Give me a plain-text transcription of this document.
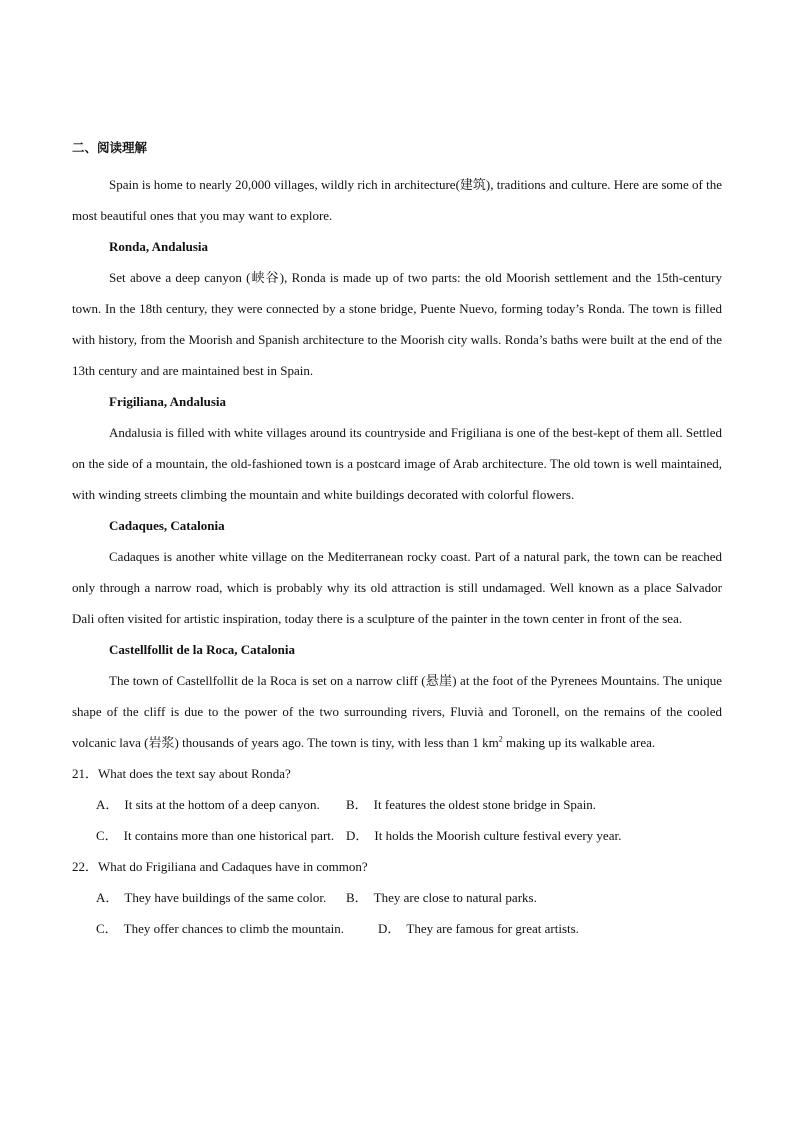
二、阅读理解

Spain is home to nearly 20,000 villages, wildly rich in architecture(建筑), traditions and culture. Here are some of the most beautiful ones that you may want to explore.

Ronda, Andalusia

Set above a deep canyon (峡谷), Ronda is made up of two parts: the old Moorish settlement and the 15th-century town. In the 18th century, they were connected by a stone bridge, Puente Nuevo, forming today’s Ronda. The town is filled with history, from the Moorish and Spanish architecture to the Moorish city walls. Ronda’s baths were built at the end of the 13th century and are maintained best in Spain.

Frigiliana, Andalusia

Andalusia is filled with white villages around its countryside and Frigiliana is one of the best-kept of them all. Settled on the side of a mountain, the old-fashioned town is a postcard image of Arab architecture. The old town is well maintained, with winding streets climbing the mountain and white buildings decorated with colorful flowers.

Cadaques, Catalonia

Cadaques is another white village on the Mediterranean rocky coast. Part of a natural park, the town can be reached only through a narrow road, which is probably why its old attraction is still undamaged. Well known as a place Salvador Dali often visited for artistic inspiration, today there is a sculpture of the painter in the town center in front of the sea.

Castellfollit de la Roca, Catalonia

The town of Castellfollit de la Roca is set on a narrow cliff (悬崖) at the foot of the Pyrenees Mountains. The unique shape of the cliff is due to the power of the two surrounding rivers, Fluvià and Toronell, on the remains of the cooled volcanic lava (岩浆) thousands of years ago. The town is tiny, with less than 1 $km^2$ making up its walkable area.

21．What does the text say about Ronda?

A． It sits at the hottom of a deep canyon. B． It features the oldest stone bridge in Spain.

C． It contains more than one historical part. D． It holds the Moorish culture festival every year.

22．What do Frigiliana and Cadaques have in common?

A． They have buildings of the same color. B． They are close to natural parks.

C． They offer chances to climb the mountain.	D． They are famous for great artists.
